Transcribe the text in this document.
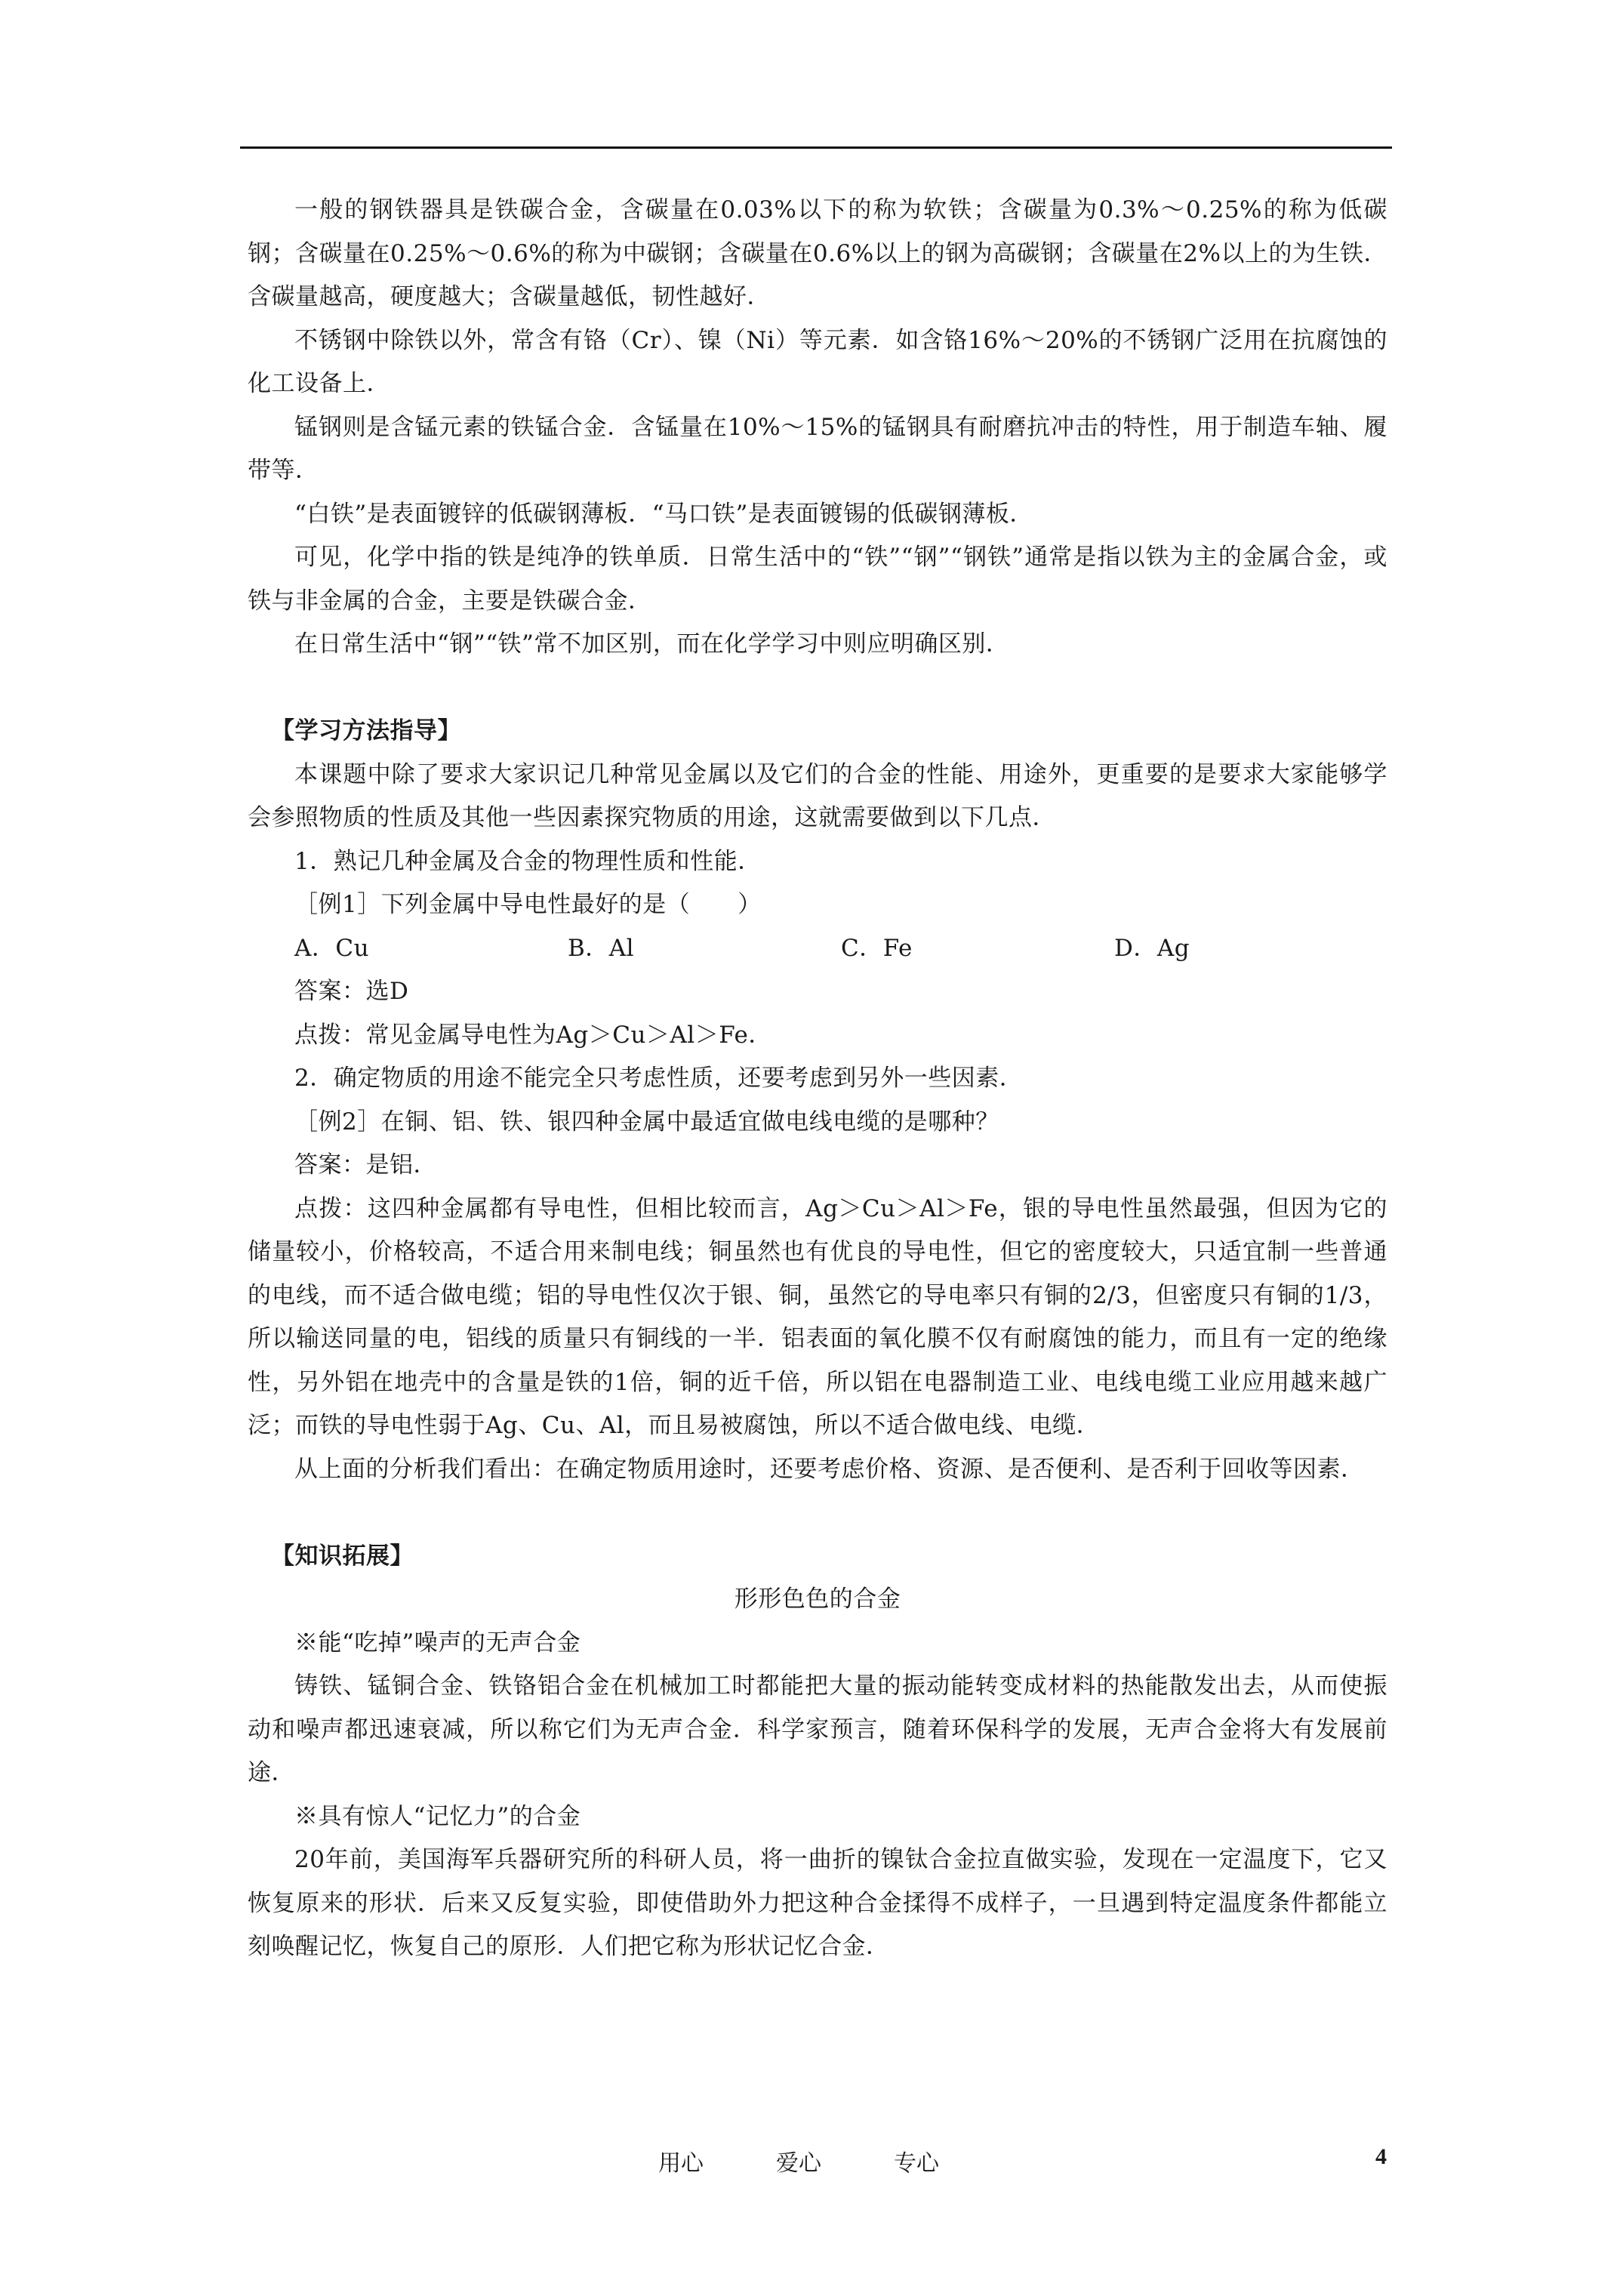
一般的钢铁器具是铁碳合金，含碳量在0.03%以下的称为软铁；含碳量为0.3%～0.25%的称为低碳钢；含碳量在0.25%～0.6%的称为中碳钢；含碳量在0.6%以上的钢为高碳钢；含碳量在2%以上的为生铁．含碳量越高，硬度越大；含碳量越低，韧性越好．

不锈钢中除铁以外，常含有铬（Cr）、镍（Ni）等元素．如含铬16%～20%的不锈钢广泛用在抗腐蚀的化工设备上．

锰钢则是含锰元素的铁锰合金．含锰量在10%～15%的锰钢具有耐磨抗冲击的特性，用于制造车轴、履带等．

“白铁”是表面镀锌的低碳钢薄板．“马口铁”是表面镀锡的低碳钢薄板．

可见，化学中指的铁是纯净的铁单质．日常生活中的“铁”“钢”“钢铁”通常是指以铁为主的金属合金，或铁与非金属的合金，主要是铁碳合金．

在日常生活中“钢”“铁”常不加区别，而在化学学习中则应明确区别．

【学习方法指导】

本课题中除了要求大家识记几种常见金属以及它们的合金的性能、用途外，更重要的是要求大家能够学会参照物质的性质及其他一些因素探究物质的用途，这就需要做到以下几点．

1．熟记几种金属及合金的物理性质和性能．

［例1］下列金属中导电性最好的是（　　）

A．Cu	B．Al	C．Fe	D．Ag

答案：选D

点拨：常见金属导电性为Ag＞Cu＞Al＞Fe．

2．确定物质的用途不能完全只考虑性质，还要考虑到另外一些因素．

［例2］在铜、铝、铁、银四种金属中最适宜做电线电缆的是哪种？

答案：是铝．

点拨：这四种金属都有导电性，但相比较而言，Ag＞Cu＞Al＞Fe，银的导电性虽然最强，但因为它的储量较小，价格较高，不适合用来制电线；铜虽然也有优良的导电性，但它的密度较大，只适宜制一些普通的电线，而不适合做电缆；铝的导电性仅次于银、铜，虽然它的导电率只有铜的2/3，但密度只有铜的1/3，所以输送同量的电，铝线的质量只有铜线的一半．铝表面的氧化膜不仅有耐腐蚀的能力，而且有一定的绝缘性，另外铝在地壳中的含量是铁的1倍，铜的近千倍，所以铝在电器制造工业、电线电缆工业应用越来越广泛；而铁的导电性弱于Ag、Cu、Al，而且易被腐蚀，所以不适合做电线、电缆．

从上面的分析我们看出：在确定物质用途时，还要考虑价格、资源、是否便利、是否利于回收等因素．

【知识拓展】

形形色色的合金

※能“吃掉”噪声的无声合金

铸铁、锰铜合金、铁铬铝合金在机械加工时都能把大量的振动能转变成材料的热能散发出去，从而使振动和噪声都迅速衰减，所以称它们为无声合金．科学家预言，随着环保科学的发展，无声合金将大有发展前途．

※具有惊人“记忆力”的合金

20年前，美国海军兵器研究所的科研人员，将一曲折的镍钛合金拉直做实验，发现在一定温度下，它又恢复原来的形状．后来又反复实验，即使借助外力把这种合金揉得不成样子，一旦遇到特定温度条件都能立刻唤醒记忆，恢复自己的原形．人们把它称为形状记忆合金．

用心	爱心	专心	4
